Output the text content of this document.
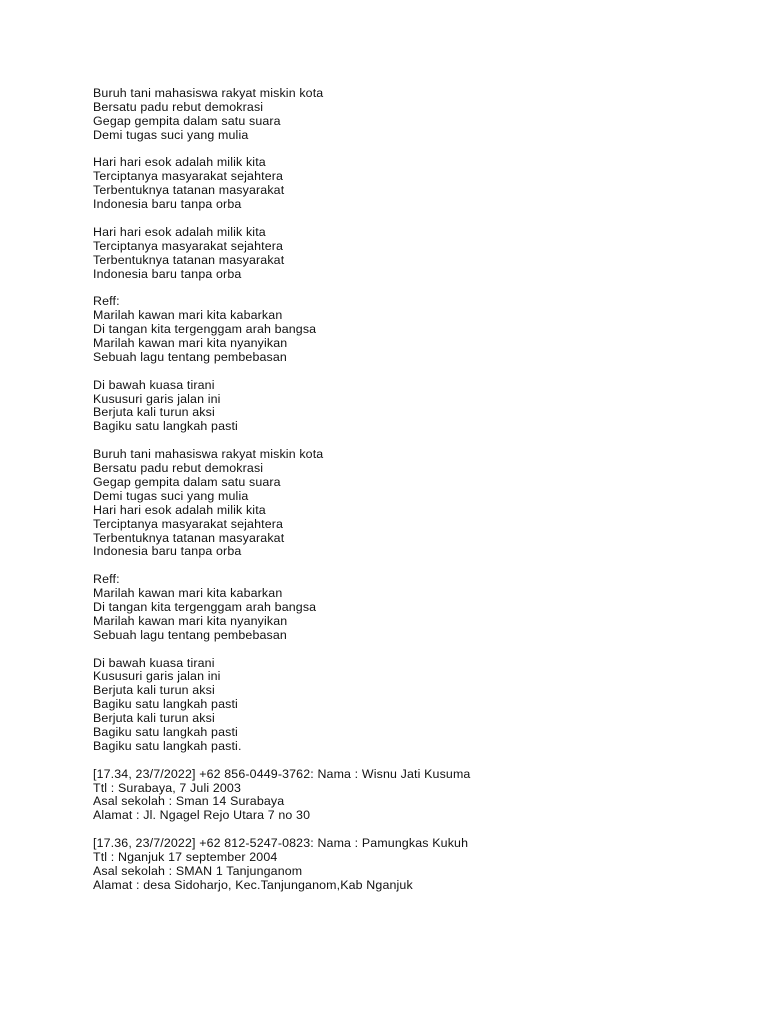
Buruh tani mahasiswa rakyat miskin kota
Bersatu padu rebut demokrasi
Gegap gempita dalam satu suara
Demi tugas suci yang mulia
Hari hari esok adalah milik kita
Terciptanya masyarakat sejahtera
Terbentuknya tatanan masyarakat
Indonesia baru tanpa orba
Hari hari esok adalah milik kita
Terciptanya masyarakat sejahtera
Terbentuknya tatanan masyarakat
Indonesia baru tanpa orba
Reff:
Marilah kawan mari kita kabarkan
Di tangan kita tergenggam arah bangsa
Marilah kawan mari kita nyanyikan
Sebuah lagu tentang pembebasan
Di bawah kuasa tirani
Kususuri garis jalan ini
Berjuta kali turun aksi
Bagiku satu langkah pasti
Buruh tani mahasiswa rakyat miskin kota
Bersatu padu rebut demokrasi
Gegap gempita dalam satu suara
Demi tugas suci yang mulia
Hari hari esok adalah milik kita
Terciptanya masyarakat sejahtera
Terbentuknya tatanan masyarakat
Indonesia baru tanpa orba
Reff:
Marilah kawan mari kita kabarkan
Di tangan kita tergenggam arah bangsa
Marilah kawan mari kita nyanyikan
Sebuah lagu tentang pembebasan
Di bawah kuasa tirani
Kususuri garis jalan ini
Berjuta kali turun aksi
Bagiku satu langkah pasti
Berjuta kali turun aksi
Bagiku satu langkah pasti
Bagiku satu langkah pasti.
[17.34, 23/7/2022] +62 856-0449-3762: Nama : Wisnu Jati Kusuma
Ttl : Surabaya, 7 Juli 2003
Asal sekolah : Sman 14 Surabaya
Alamat : Jl. Ngagel Rejo Utara 7 no 30
[17.36, 23/7/2022] +62 812-5247-0823: Nama : Pamungkas Kukuh
Ttl : Nganjuk 17 september 2004
Asal sekolah : SMAN 1 Tanjunganom
Alamat : desa Sidoharjo, Kec.Tanjunganom,Kab Nganjuk
